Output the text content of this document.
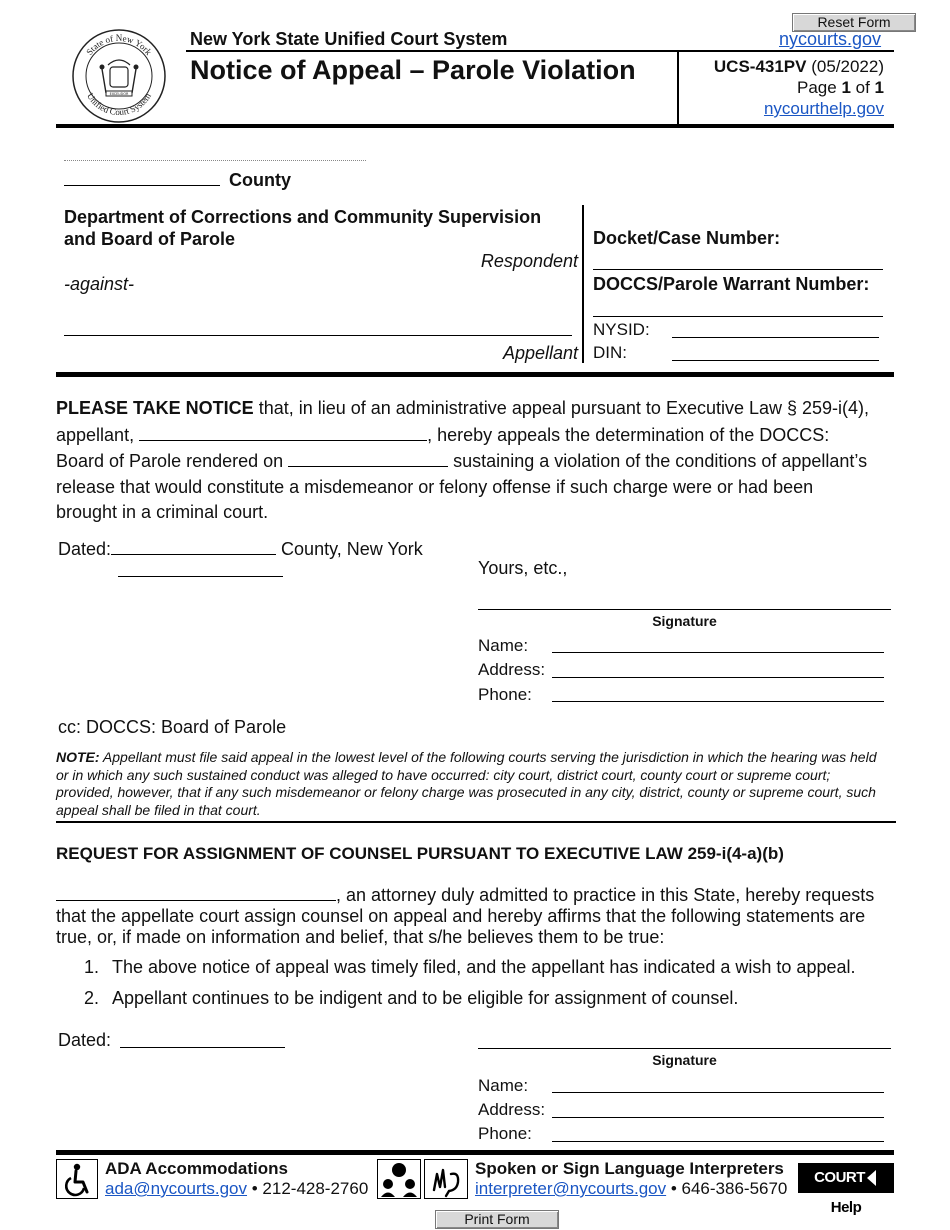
Reset Form
State of New York
Unified Court System
EXCELSIOR
New York State Unified Court System	nycourts.gov
Notice of Appeal – Parole Violation	UCS-431PV (05/2022)
Page 1 of 1
nycourthelp.gov
County
Department of Corrections and Community Supervision
and Board of Parole
Respondent
-against-
Appellant
Docket/Case Number:
DOCCS/Parole Warrant Number:
NYSID:
DIN:
PLEASE TAKE NOTICE that, in lieu of an administrative appeal pursuant to Executive Law § 259-i(4),
appellant,	, hereby appeals the determination of the DOCCS:
Board of Parole rendered on	sustaining a violation of the conditions of appellant’s
release that would constitute a misdemeanor or felony offense if such charge were or had been
brought in a criminal court.
Dated:	County, New York
Yours, etc.,
Signature
Name:
Address:
Phone:
cc: DOCCS: Board of Parole
NOTE: Appellant must file said appeal in the lowest level of the following courts serving the jurisdiction in which the hearing was held or in which any such sustained conduct was alleged to have occurred: city court, district court, county court or supreme court; provided, however, that if any such misdemeanor or felony charge was prosecuted in any city, district, county or supreme court, such appeal shall be filed in that court.
REQUEST FOR ASSIGNMENT OF COUNSEL PURSUANT TO EXECUTIVE LAW 259-i(4-a)(b)
, an attorney duly admitted to practice in this State, hereby requests
that the appellate court assign counsel on appeal and hereby affirms that the following statements are
true, or, if made on information and belief, that s/he believes them to be true:
1. The above notice of appeal was timely filed, and the appellant has indicated a wish to appeal.
2. Appellant continues to be indigent and to be eligible for assignment of counsel.
Dated:
Signature
Name:
Address:
Phone:
ADA Accommodations
ada@nycourts.gov • 212-428-2760
Spoken or Sign Language Interpreters
interpreter@nycourts.gov • 646-386-5670
COURTHelp
Print Form
